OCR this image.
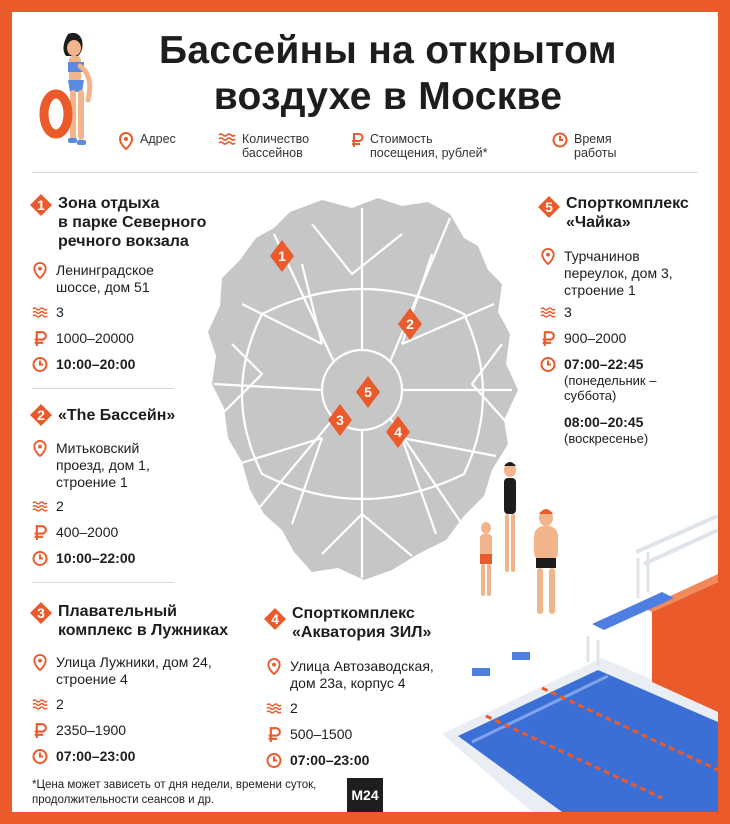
Бассейны на открытом воздухе в Москве
Адрес	Количество
бассейнов
Стоимость
посещения, рублей*
Время
работы
1
2
3
4
5
1 Зона отдыха
в парке Северного
речного вокзала
Ленинградское
шоссе, дом 51
3
1000–20000
10:00–20:00
2 «The Бассейн»
Митьковский
проезд, дом 1,
строение 1
2
400–2000
10:00–22:00
3 Плавательный
комплекс в Лужниках
Улица Лужники, дом 24,
строение 4
2
2350–1900
07:00–23:00
4 Спорткомплекс
«Акватория ЗИЛ»
Улица Автозаводская,
дом 23а, корпус 4
2
500–1500
07:00–23:00
5 Спорткомплекс
«Чайка»
Турчанинов
переулок, дом 3,
строение 1
3
900–2000
07:00–22:45
(понедельник –
суббота)
08:00–20:45
(воскресенье)
*Цена может зависеть от дня недели, времени суток, продолжительности сеансов и др.	M24
